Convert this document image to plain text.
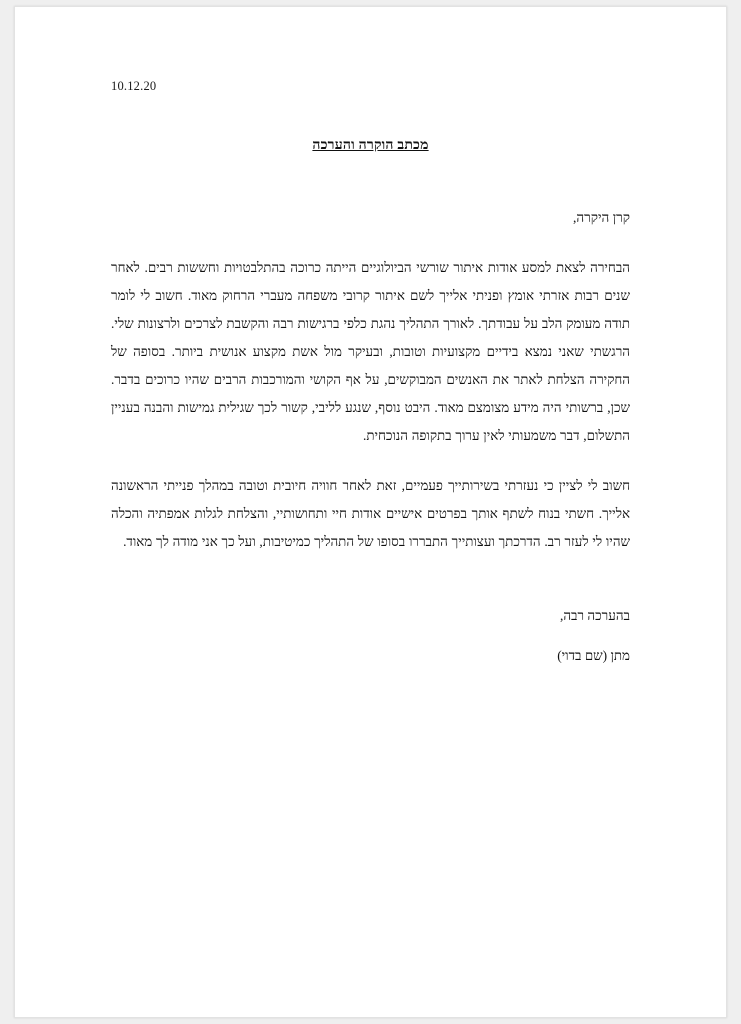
10.12.20
מכתב הוקרה והערכה
קרן היקרה,

הבחירה לצאת למסע אודות איתור שורשי הביולוגיים הייתה כרוכה בהתלבטויות וחששות רבים. לאחר שנים רבות אזרתי אומץ ופניתי אלייך לשם איתור קרובי משפחה מעברי הרחוק מאוד. חשוב לי לומר תודה מעומק הלב על עבודתך. לאורך התהליך נהגת כלפי ברגישות רבה והקשבת לצרכים ולרצונות שלי. הרגשתי שאני נמצא בידיים מקצועיות וטובות, ובעיקר מול אשת מקצוע אנושית ביותר. בסופה של החקירה הצלחת לאתר את האנשים המבוקשים, על אף הקושי והמורכבות הרבים שהיו כרוכים בדבר. שכן, ברשותי היה מידע מצומצם מאוד. היבט נוסף, שנגע לליבי, קשור לכך שגילית גמישות והבנה בעניין התשלום, דבר משמעותי לאין ערוך בתקופה הנוכחית.

חשוב לי לציין כי נעזרתי בשירותייך פעמיים, זאת לאחר חוויה חיובית וטובה במהלך פנייתי הראשונה אלייך. חשתי בנוח לשתף אותך בפרטים אישיים אודות חיי ותחושותיי, והצלחת לגלות אמפתיה והכלה שהיו לי לעזר רב. הדרכתך ועצותייך התבררו בסופו של התהליך כמיטיבות, ועל כך אני מודה לך מאוד.

בהערכה רבה,
מתן (שם בדוי)
